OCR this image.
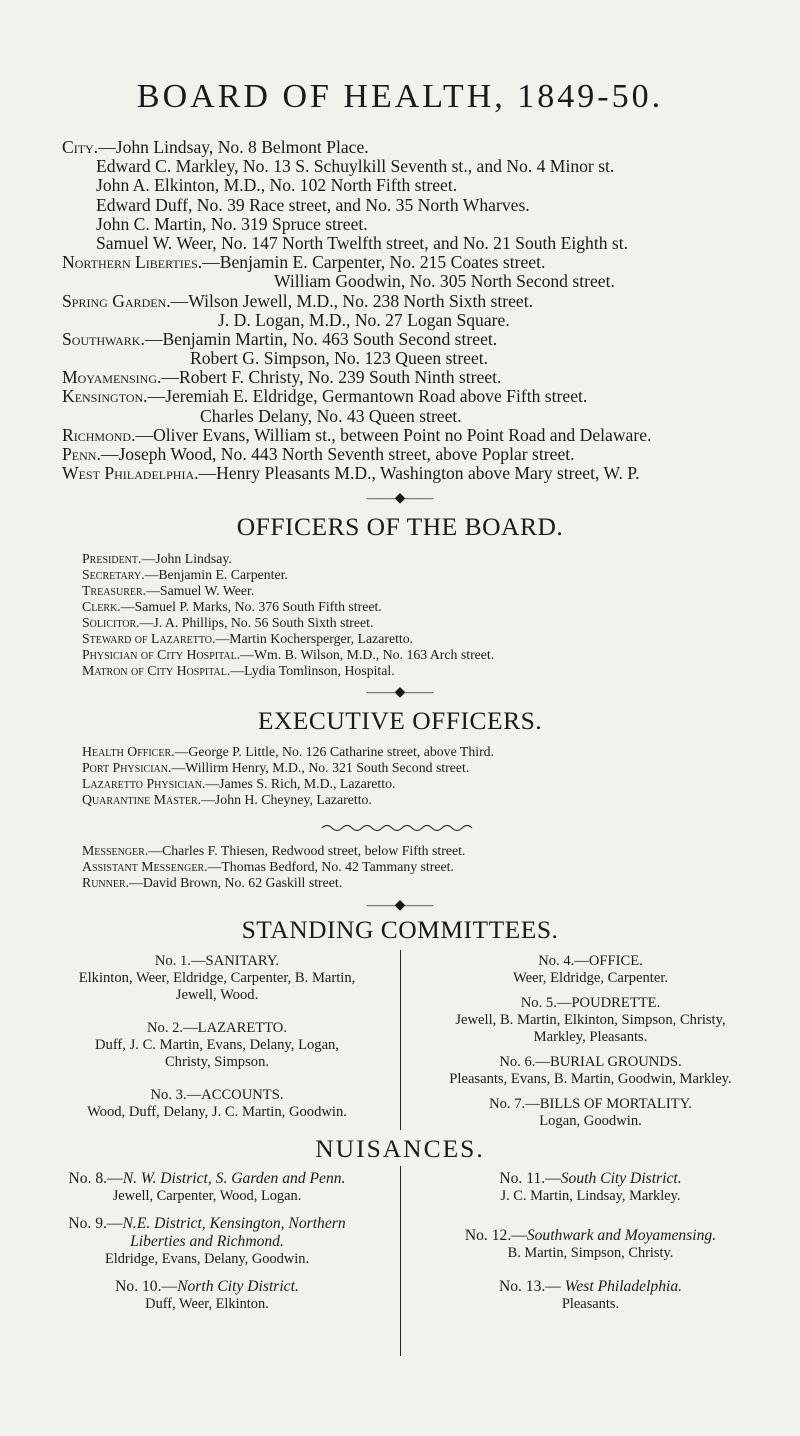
BOARD OF HEALTH, 1849-50.
City.—John Lindsay, No. 8 Belmont Place.
Edward C. Markley, No. 13 S. Schuylkill Seventh st., and No. 4 Minor st.
John A. Elkinton, M.D., No. 102 North Fifth street.
Edward Duff, No. 39 Race street, and No. 35 North Wharves.
John C. Martin, No. 319 Spruce street.
Samuel W. Weer, No. 147 North Twelfth street, and No. 21 South Eighth st.
Northern Liberties.—Benjamin E. Carpenter, No. 215 Coates street.
William Goodwin, No. 305 North Second street.
Spring Garden.—Wilson Jewell, M.D., No. 238 North Sixth street.
J. D. Logan, M.D., No. 27 Logan Square.
Southwark.—Benjamin Martin, No. 463 South Second street.
Robert G. Simpson, No. 123 Queen street.
Moyamensing.—Robert F. Christy, No. 239 South Ninth street.
Kensington.—Jeremiah E. Eldridge, Germantown Road above Fifth street.
Charles Delany, No. 43 Queen street.
Richmond.—Oliver Evans, William st., between Point no Point Road and Delaware.
Penn.—Joseph Wood, No. 443 North Seventh street, above Poplar street.
West Philadelphia.—Henry Pleasants M.D., Washington above Mary street, W. P.
——◆——
OFFICERS OF THE BOARD.
President.—John Lindsay.
Secretary.—Benjamin E. Carpenter.
Treasurer.—Samuel W. Weer.
Clerk.—Samuel P. Marks, No. 376 South Fifth street.
Solicitor.—J. A. Phillips, No. 56 South Sixth street.
Steward of Lazaretto.—Martin Kochersperger, Lazaretto.
Physician of City Hospital.—Wm. B. Wilson, M.D., No. 163 Arch street.
Matron of City Hospital.—Lydia Tomlinson, Hospital.
——◆——
EXECUTIVE OFFICERS.
Health Officer.—George P. Little, No. 126 Catharine street, above Third.
Port Physician.—Willirm Henry, M.D., No. 321 South Second street.
Lazaretto Physician.—James S. Rich, M.D., Lazaretto.
Quarantine Master.—John H. Cheyney, Lazaretto.
Messenger.—Charles F. Thiesen, Redwood street, below Fifth street.
Assistant Messenger.—Thomas Bedford, No. 42 Tammany street.
Runner.—David Brown, No. 62 Gaskill street.
——◆——
STANDING COMMITTEES.
No. 1.—SANITARY.
Elkinton, Weer, Eldridge, Carpenter, B. Martin,
Jewell, Wood.
No. 2.—LAZARETTO.
Duff, J. C. Martin, Evans, Delany, Logan,
Christy, Simpson.
No. 3.—ACCOUNTS.
Wood, Duff, Delany, J. C. Martin, Goodwin.
No. 4.—OFFICE.
Weer, Eldridge, Carpenter.
No. 5.—POUDRETTE.
Jewell, B. Martin, Elkinton, Simpson, Christy,
Markley, Pleasants.
No. 6.—BURIAL GROUNDS.
Pleasants, Evans, B. Martin, Goodwin, Markley.
No. 7.—BILLS OF MORTALITY.
Logan, Goodwin.
NUISANCES.
No. 8.—N. W. District, S. Garden and Penn.
Jewell, Carpenter, Wood, Logan.
No. 9.—N.E. District, Kensington, Northern
Liberties and Richmond.
Eldridge, Evans, Delany, Goodwin.
No. 10.—North City District.
Duff, Weer, Elkinton.
No. 11.—South City District.
J. C. Martin, Lindsay, Markley.
No. 12.—Southwark and Moyamensing.
B. Martin, Simpson, Christy.
No. 13.— West Philadelphia.
Pleasants.
